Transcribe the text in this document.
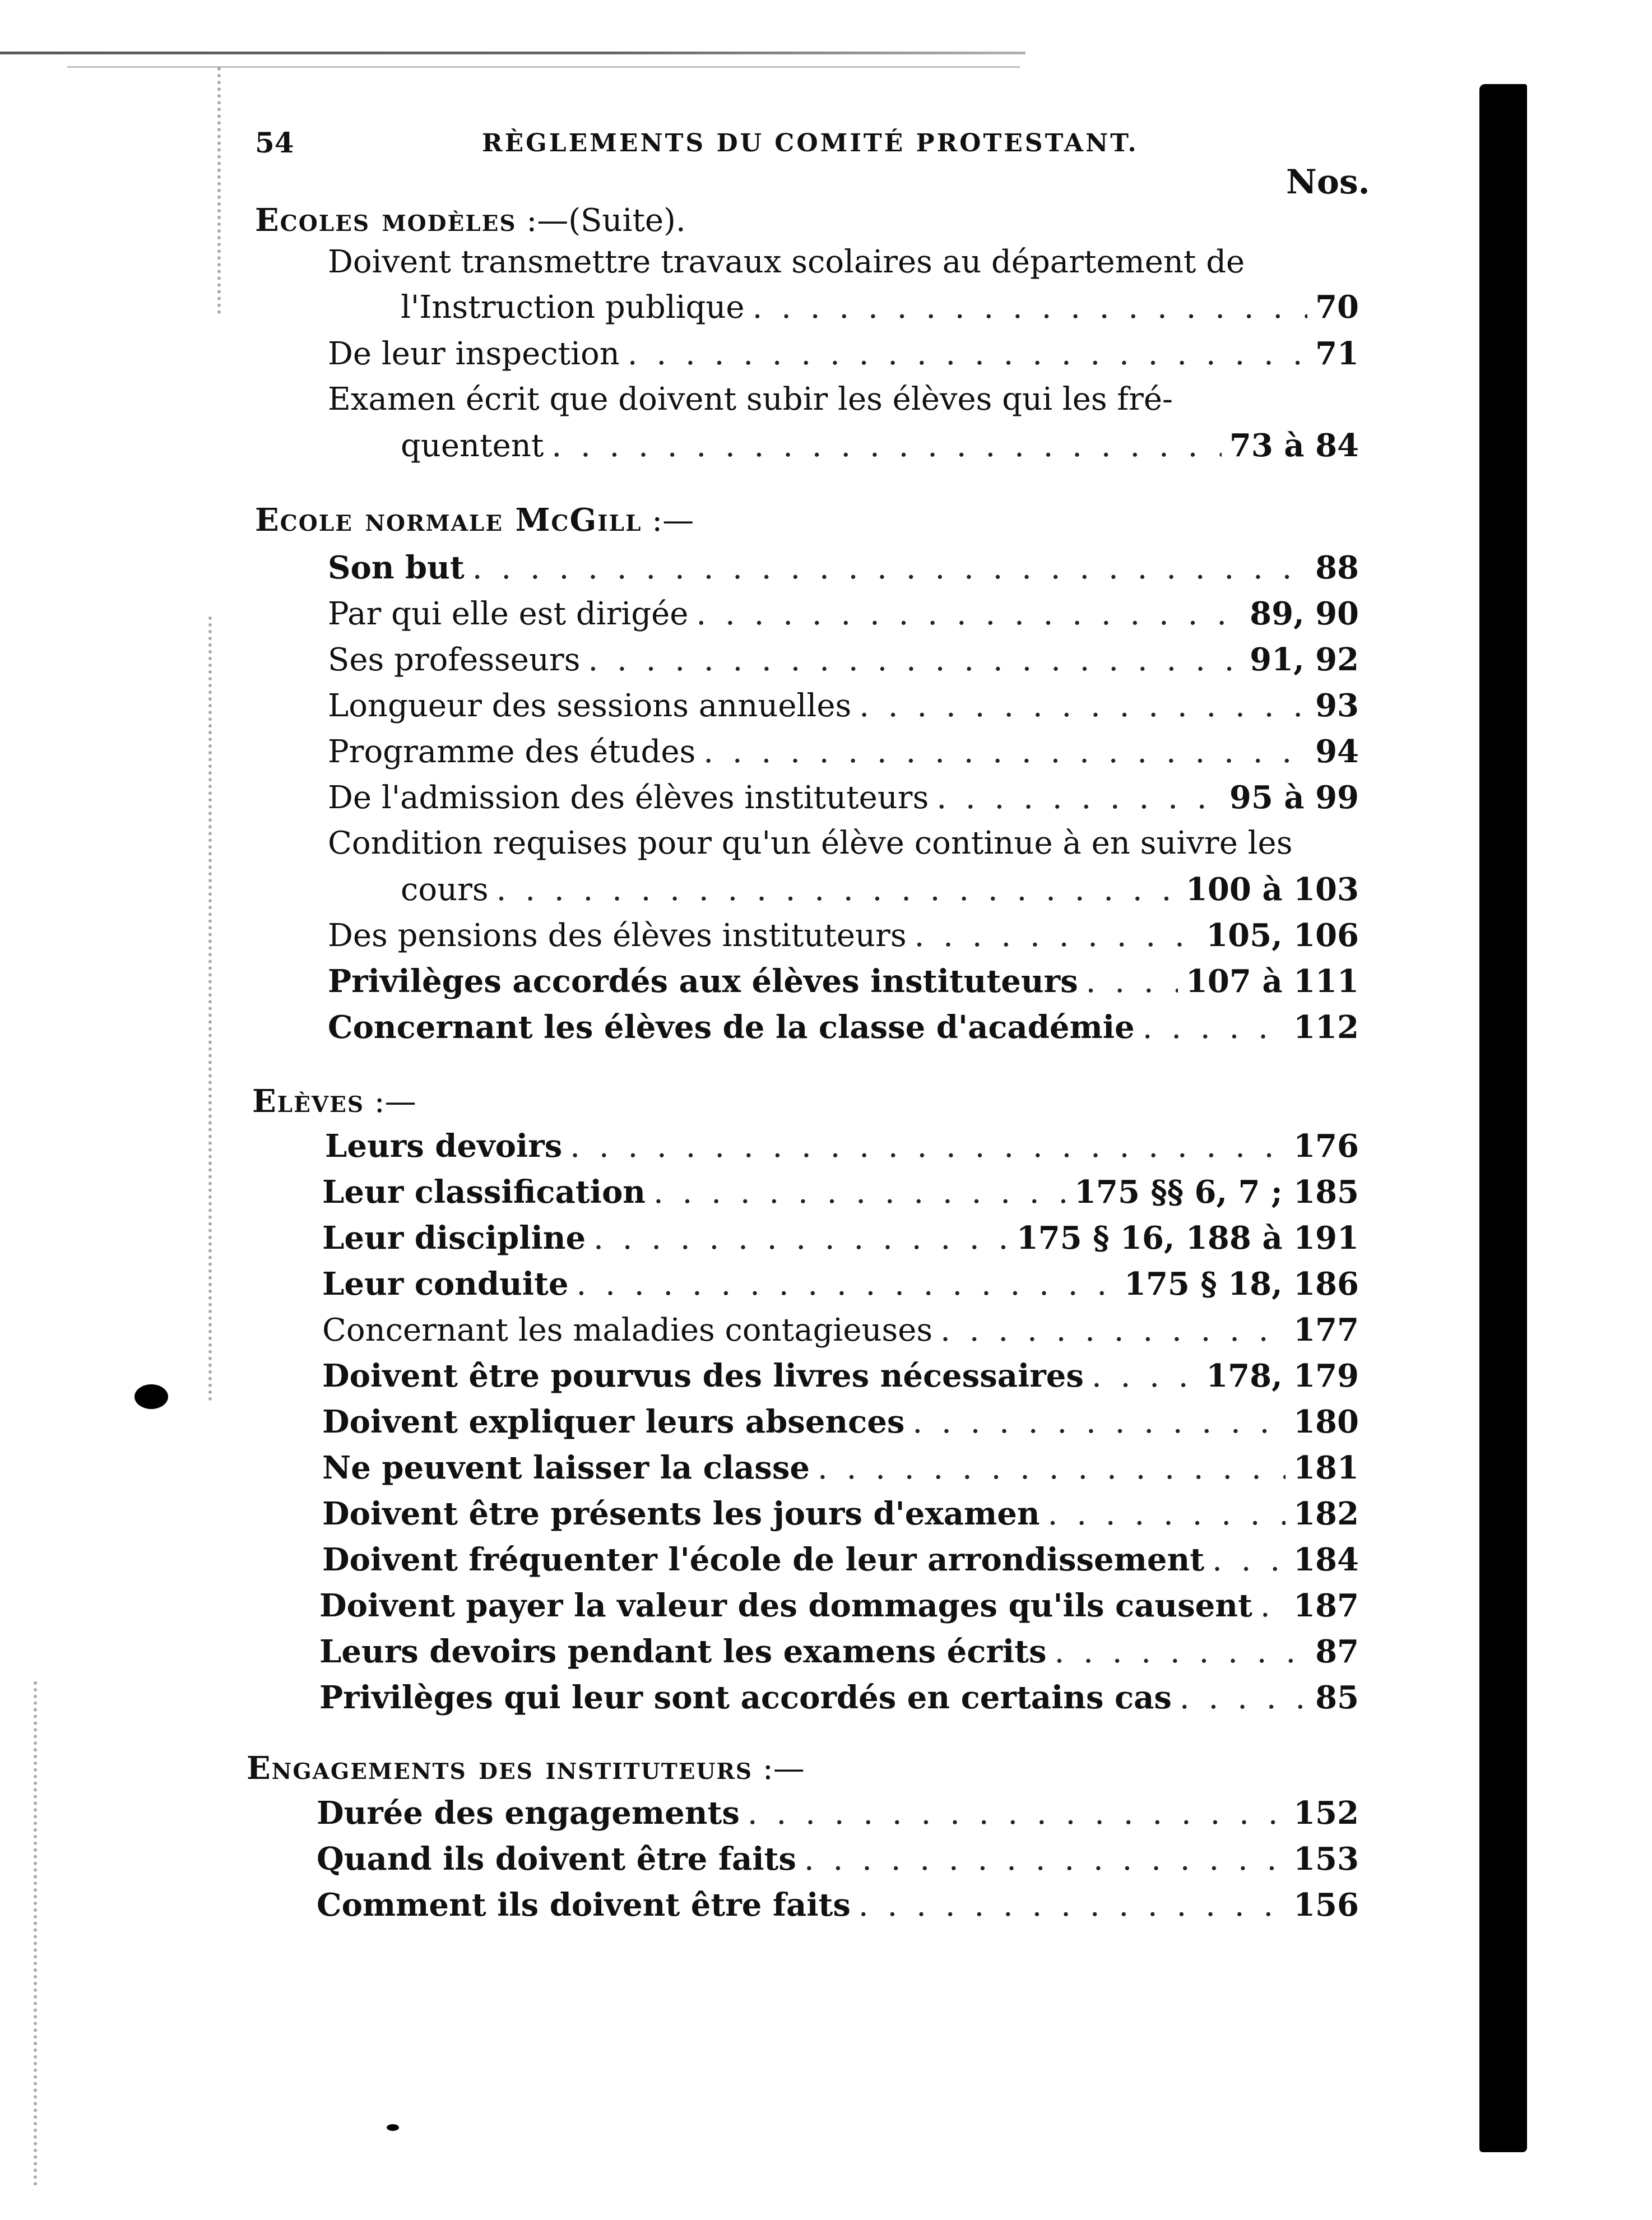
54	RÈGLEMENTS DU COMITÉ PROTESTANT.
Nos.
Ecoles modèles :—(Suite).
Doivent transmettre travaux scolaires au département de
l'Instruction publique . . .	70
De leur inspection . . .	71
Examen écrit que doivent subir les élèves qui les fré-
quentent . . .	73 à 84
Ecole normale McGill :—
Son but . . .	88
Par qui elle est dirigée . . .	89, 90
Ses professeurs . . .	91, 92
Longueur des sessions annuelles . . .	93
Programme des études . . .	94
De l'admission des élèves instituteurs . . .	95 à 99
Condition requises pour qu'un élève continue à en suivre les
cours . . .	100 à 103
Des pensions des élèves instituteurs . . .	105, 106
Privilèges accordés aux élèves instituteurs . . .	107 à 111
Concernant les élèves de la classe d'académie . . .	112
Elèves :—
Leurs devoirs . . .	176
Leur classification . . .	175 §§ 6, 7 ; 185
Leur discipline . . .	175 § 16, 188 à 191
Leur conduite . . .	175 § 18, 186
Concernant les maladies contagieuses . . .	177
Doivent être pourvus des livres nécessaires . . .	178, 179
Doivent expliquer leurs absences . . .	180
Ne peuvent laisser la classe . . .	181
Doivent être présents les jours d'examen . . .	182
Doivent fréquenter l'école de leur arrondissement . . .	184
Doivent payer la valeur des dommages qu'ils causent . . . 187
Leurs devoirs pendant les examens écrits . . .	87
Privilèges qui leur sont accordés en certains cas . . .	85
Engagements des instituteurs :—
Durée des engagements . . .	152
Quand ils doivent être faits . . .	153
Comment ils doivent être faits . . .	156
